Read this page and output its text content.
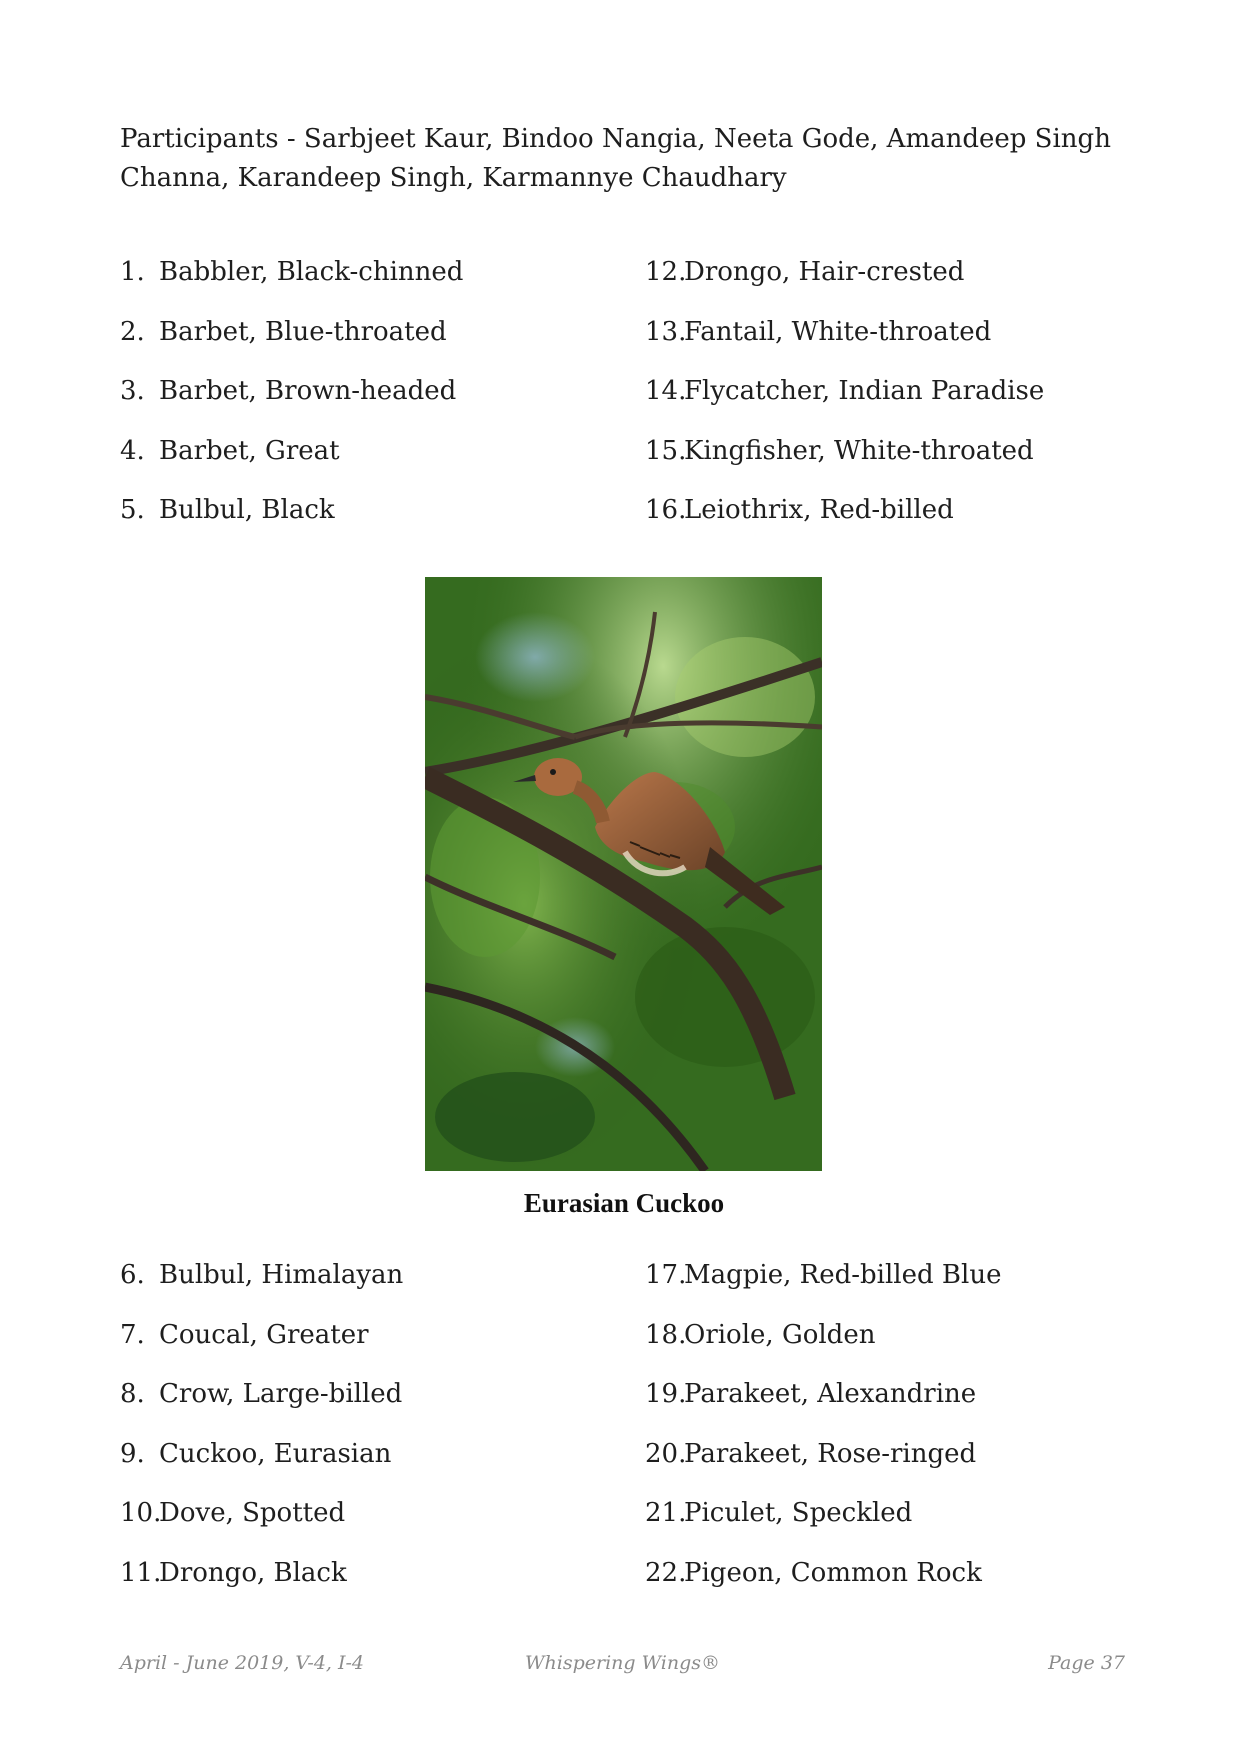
Participants - Sarbjeet Kaur, Bindoo Nangia, Neeta Gode, Amandeep Singh Channa, Karandeep Singh, Karmannye Chaudhary

1. Babbler, Black-chinned
2. Barbet, Blue-throated
3. Barbet, Brown-headed
4. Barbet, Great
5. Bulbul, Black
12.
Drongo, Hair-crested
13.
Fantail, White-throated
14.
Flycatcher, Indian Paradise
15.
Kingfisher, White-throated
16.
Leiothrix, Red-billed
Eurasian Cuckoo
6. Bulbul, Himalayan
7. Coucal, Greater
8. Crow, Large-billed
9. Cuckoo, Eurasian
10.
Dove, Spotted
11.
Drongo, Black
17.
Magpie, Red-billed Blue
18.
Oriole, Golden
19.
Parakeet, Alexandrine
20.
Parakeet, Rose-ringed
21.
Piculet, Speckled
22.
Pigeon, Common Rock
April - June 2019, V-4, I-4	Whispering Wings®	Page 37
